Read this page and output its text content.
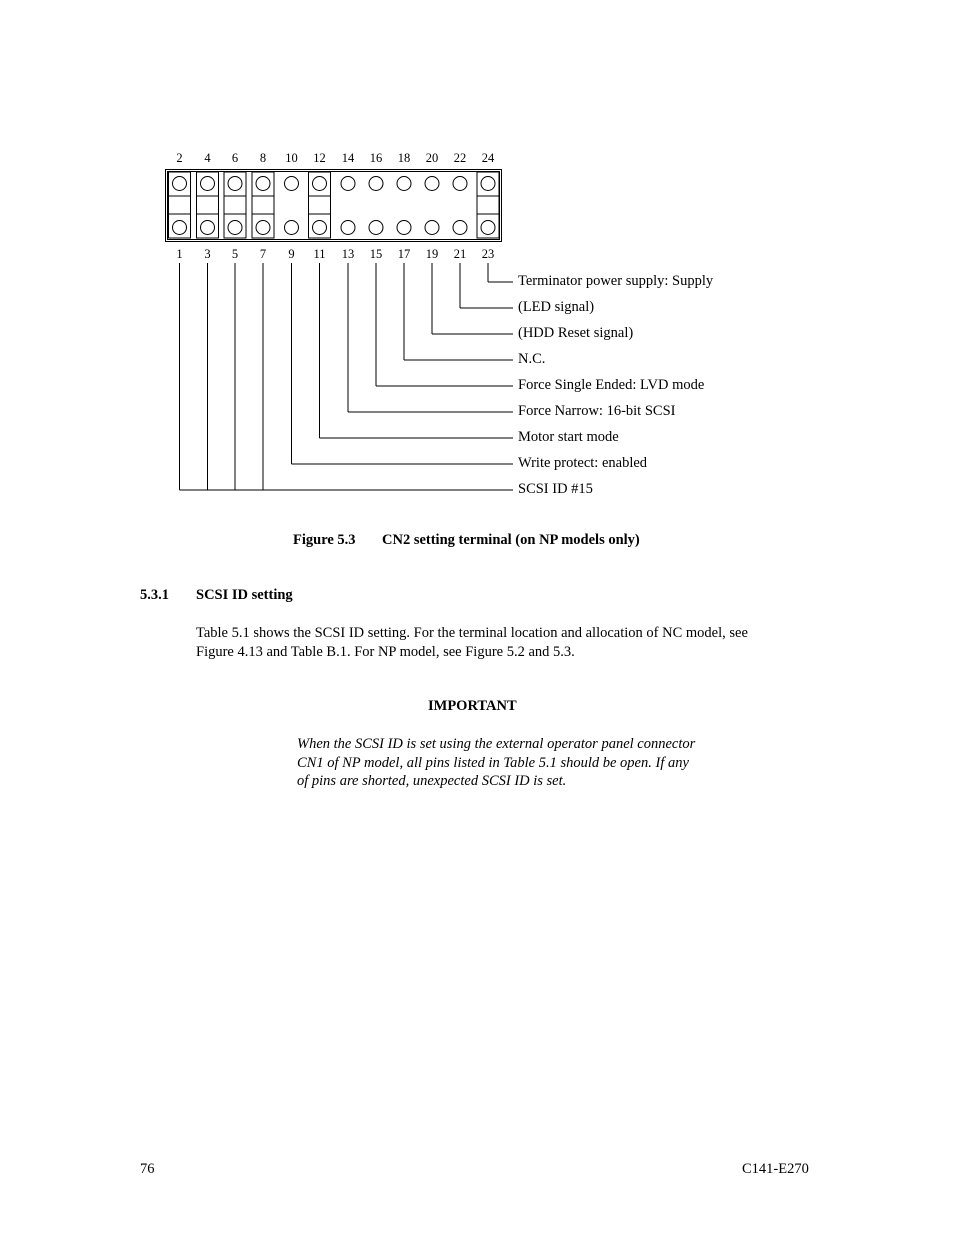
2 4 6 8 10 12 14 16 18 20 22 24
1 3 5 7 9 11 13 15 17 19 21 23
Terminator power supply: Supply
(LED signal)
(HDD Reset signal)
N.C.
Force Single Ended: LVD mode
Force Narrow: 16-bit SCSI
Motor start mode
Write protect: enabled
SCSI ID #15
Figure 5.3 CN2 setting terminal (on NP models only)
5.3.1 SCSI ID setting
Table 5.1 shows the SCSI ID setting. For the terminal location and allocation of NC model, see
Figure 4.13 and Table B.1. For NP model, see Figure 5.2 and 5.3.
IMPORTANT
When the SCSI ID is set using the external operator panel connector
CN1 of NP model, all pins listed in Table 5.1 should be open. If any
of pins are shorted, unexpected SCSI ID is set.
76	C141-E270
